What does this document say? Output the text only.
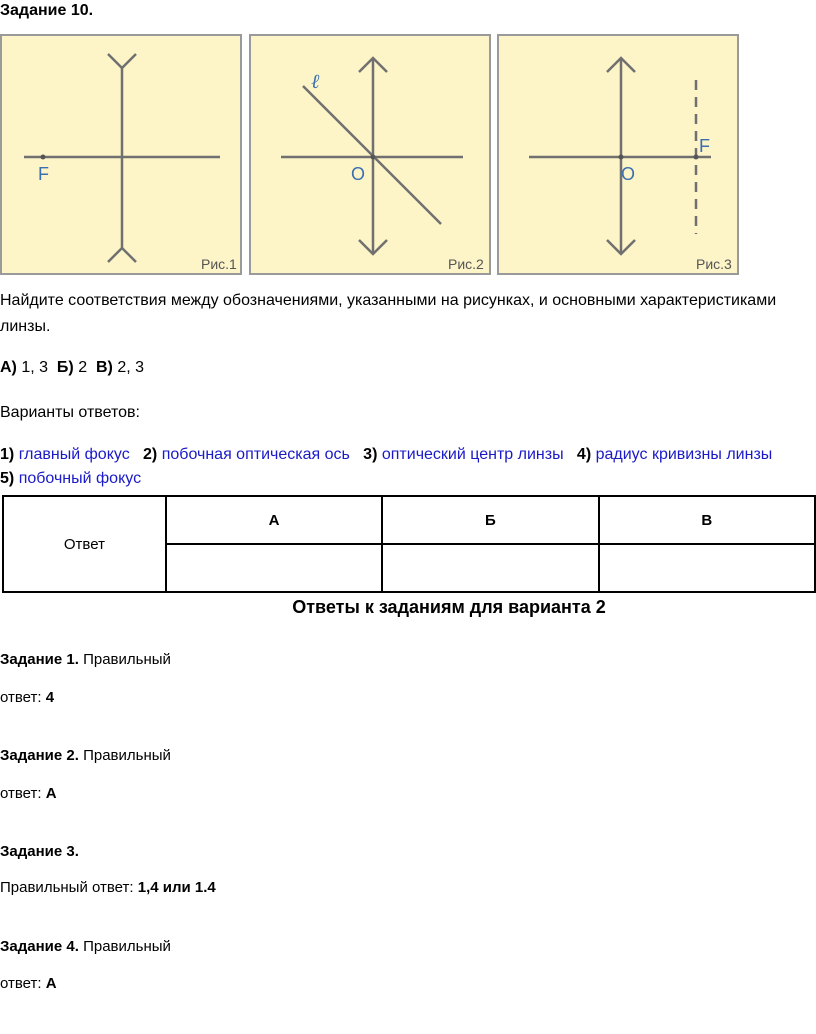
Задание 10.
F
Рис.1
ℓ
O
Рис.2
O
F
Рис.3
Найдите соответствия между обозначениями, указанными на рисунках, и основными характеристиками линзы.
А) 1, 3 Б) 2 В) 2, 3
Варианты ответов:
1) главный фокус 2) побочная оптическая ось 3) оптический центр линзы 4) радиус кривизны линзы
5) побочный фокус
Ответ	А	Б	В

Ответы к заданиям для варианта 2
Задание 1. Правильный
ответ: 4
Задание 2. Правильный
ответ: А
Задание 3.
Правильный ответ: 1,4 или 1.4
Задание 4. Правильный
ответ: А
